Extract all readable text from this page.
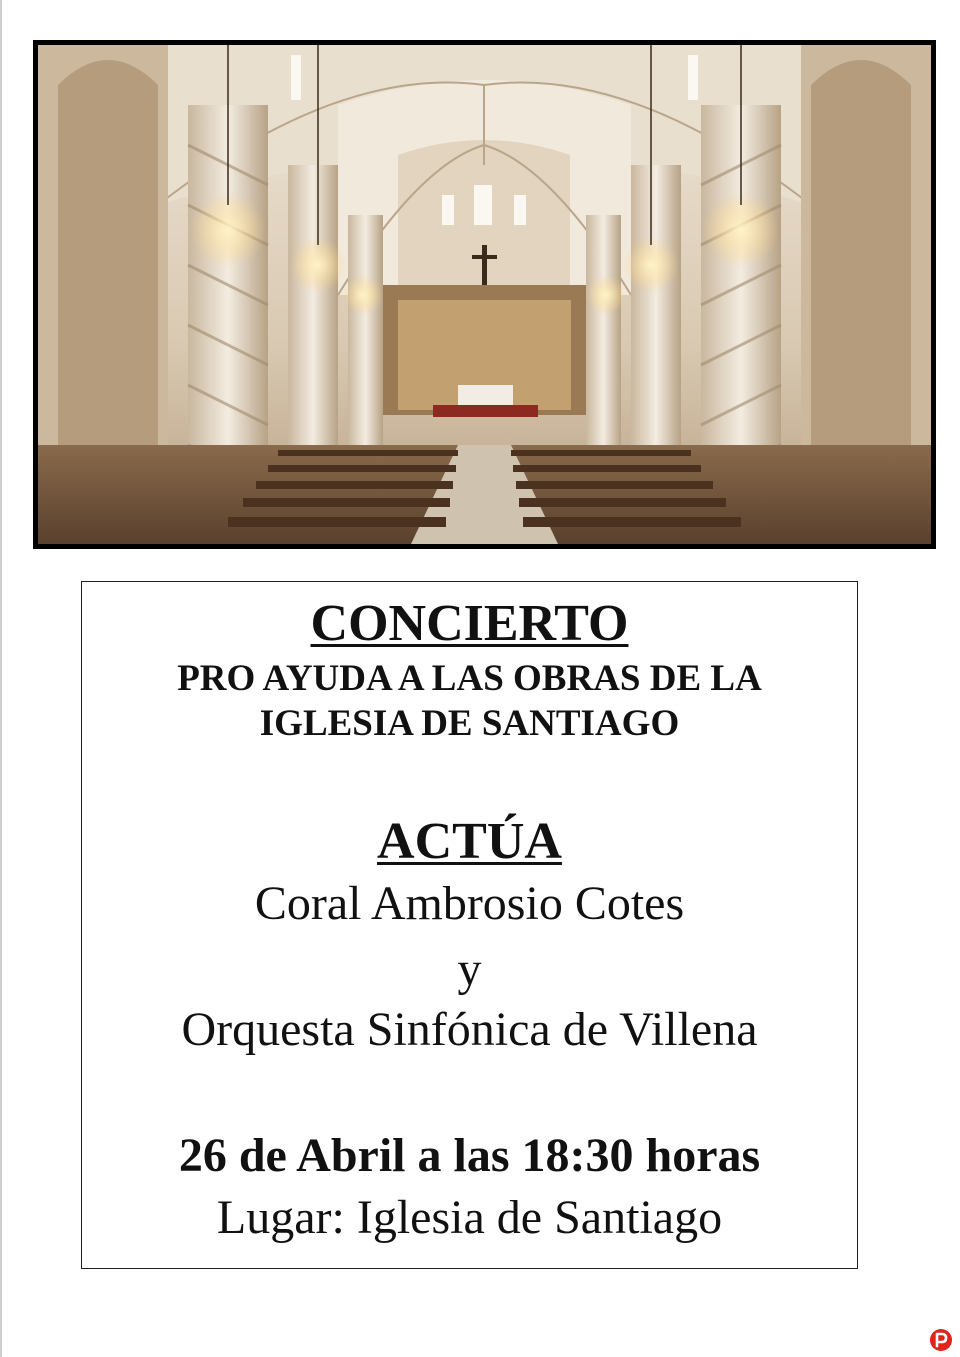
CONCIERTO
PRO AYUDA A LAS OBRAS DE LA
IGLESIA DE SANTIAGO
ACTÚA
Coral Ambrosio Cotes
y
Orquesta Sinfónica de Villena
26 de Abril a las 18:30 horas
Lugar: Iglesia de Santiago
